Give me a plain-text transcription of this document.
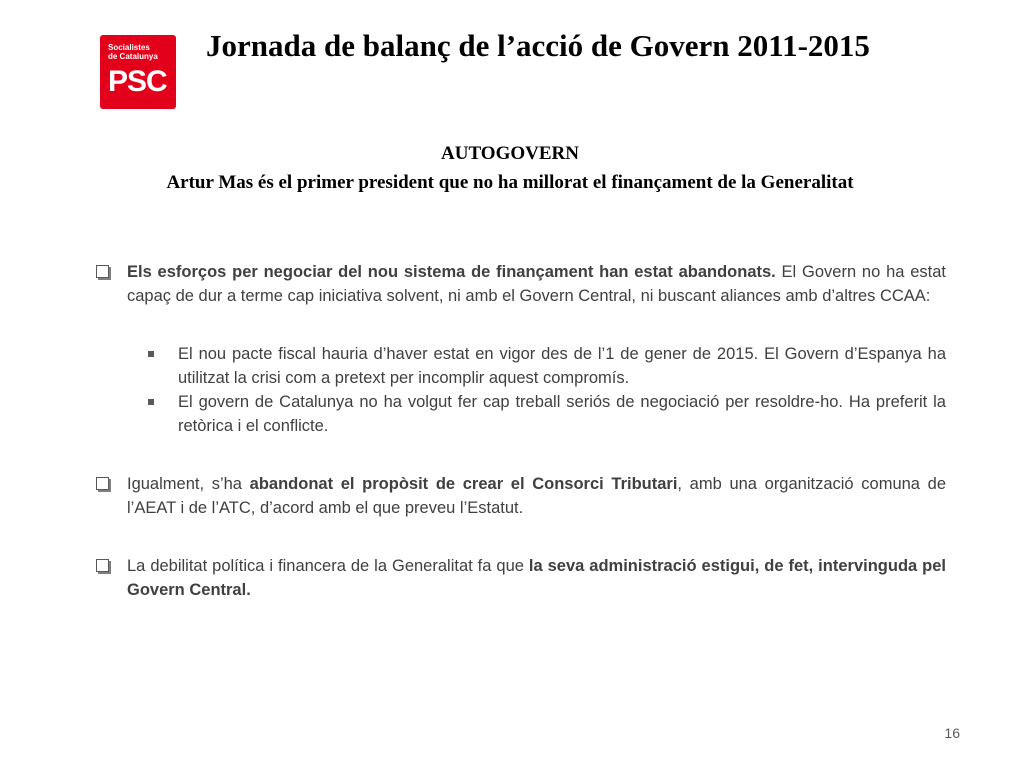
Socialistes
de Catalunya
PSC
Jornada de balanç de l’acció de Govern 2011-2015
AUTOGOVERN
Artur Mas és el primer president que no ha millorat el finançament de la Generalitat
Els esforços per negociar del nou sistema de finançament han estat abandonats. El Govern no ha estat capaç de dur a terme cap iniciativa solvent, ni amb el Govern Central, ni buscant aliances amb d’altres CCAA:
El nou pacte fiscal hauria d’haver estat en vigor des de l’1 de gener de 2015. El Govern d’Espanya ha utilitzat la crisi com a pretext per incomplir aquest compromís.
El govern de Catalunya no ha volgut fer cap treball seriós de negociació per resoldre-ho. Ha preferit la retòrica i el conflicte.
Igualment, s’ha abandonat el propòsit de crear el Consorci Tributari, amb una organització comuna de l’AEAT i de l’ATC, d’acord amb el que preveu l’Estatut.
La debilitat política i financera de la Generalitat fa que la seva administració estigui, de fet, intervinguda pel Govern Central.
16
